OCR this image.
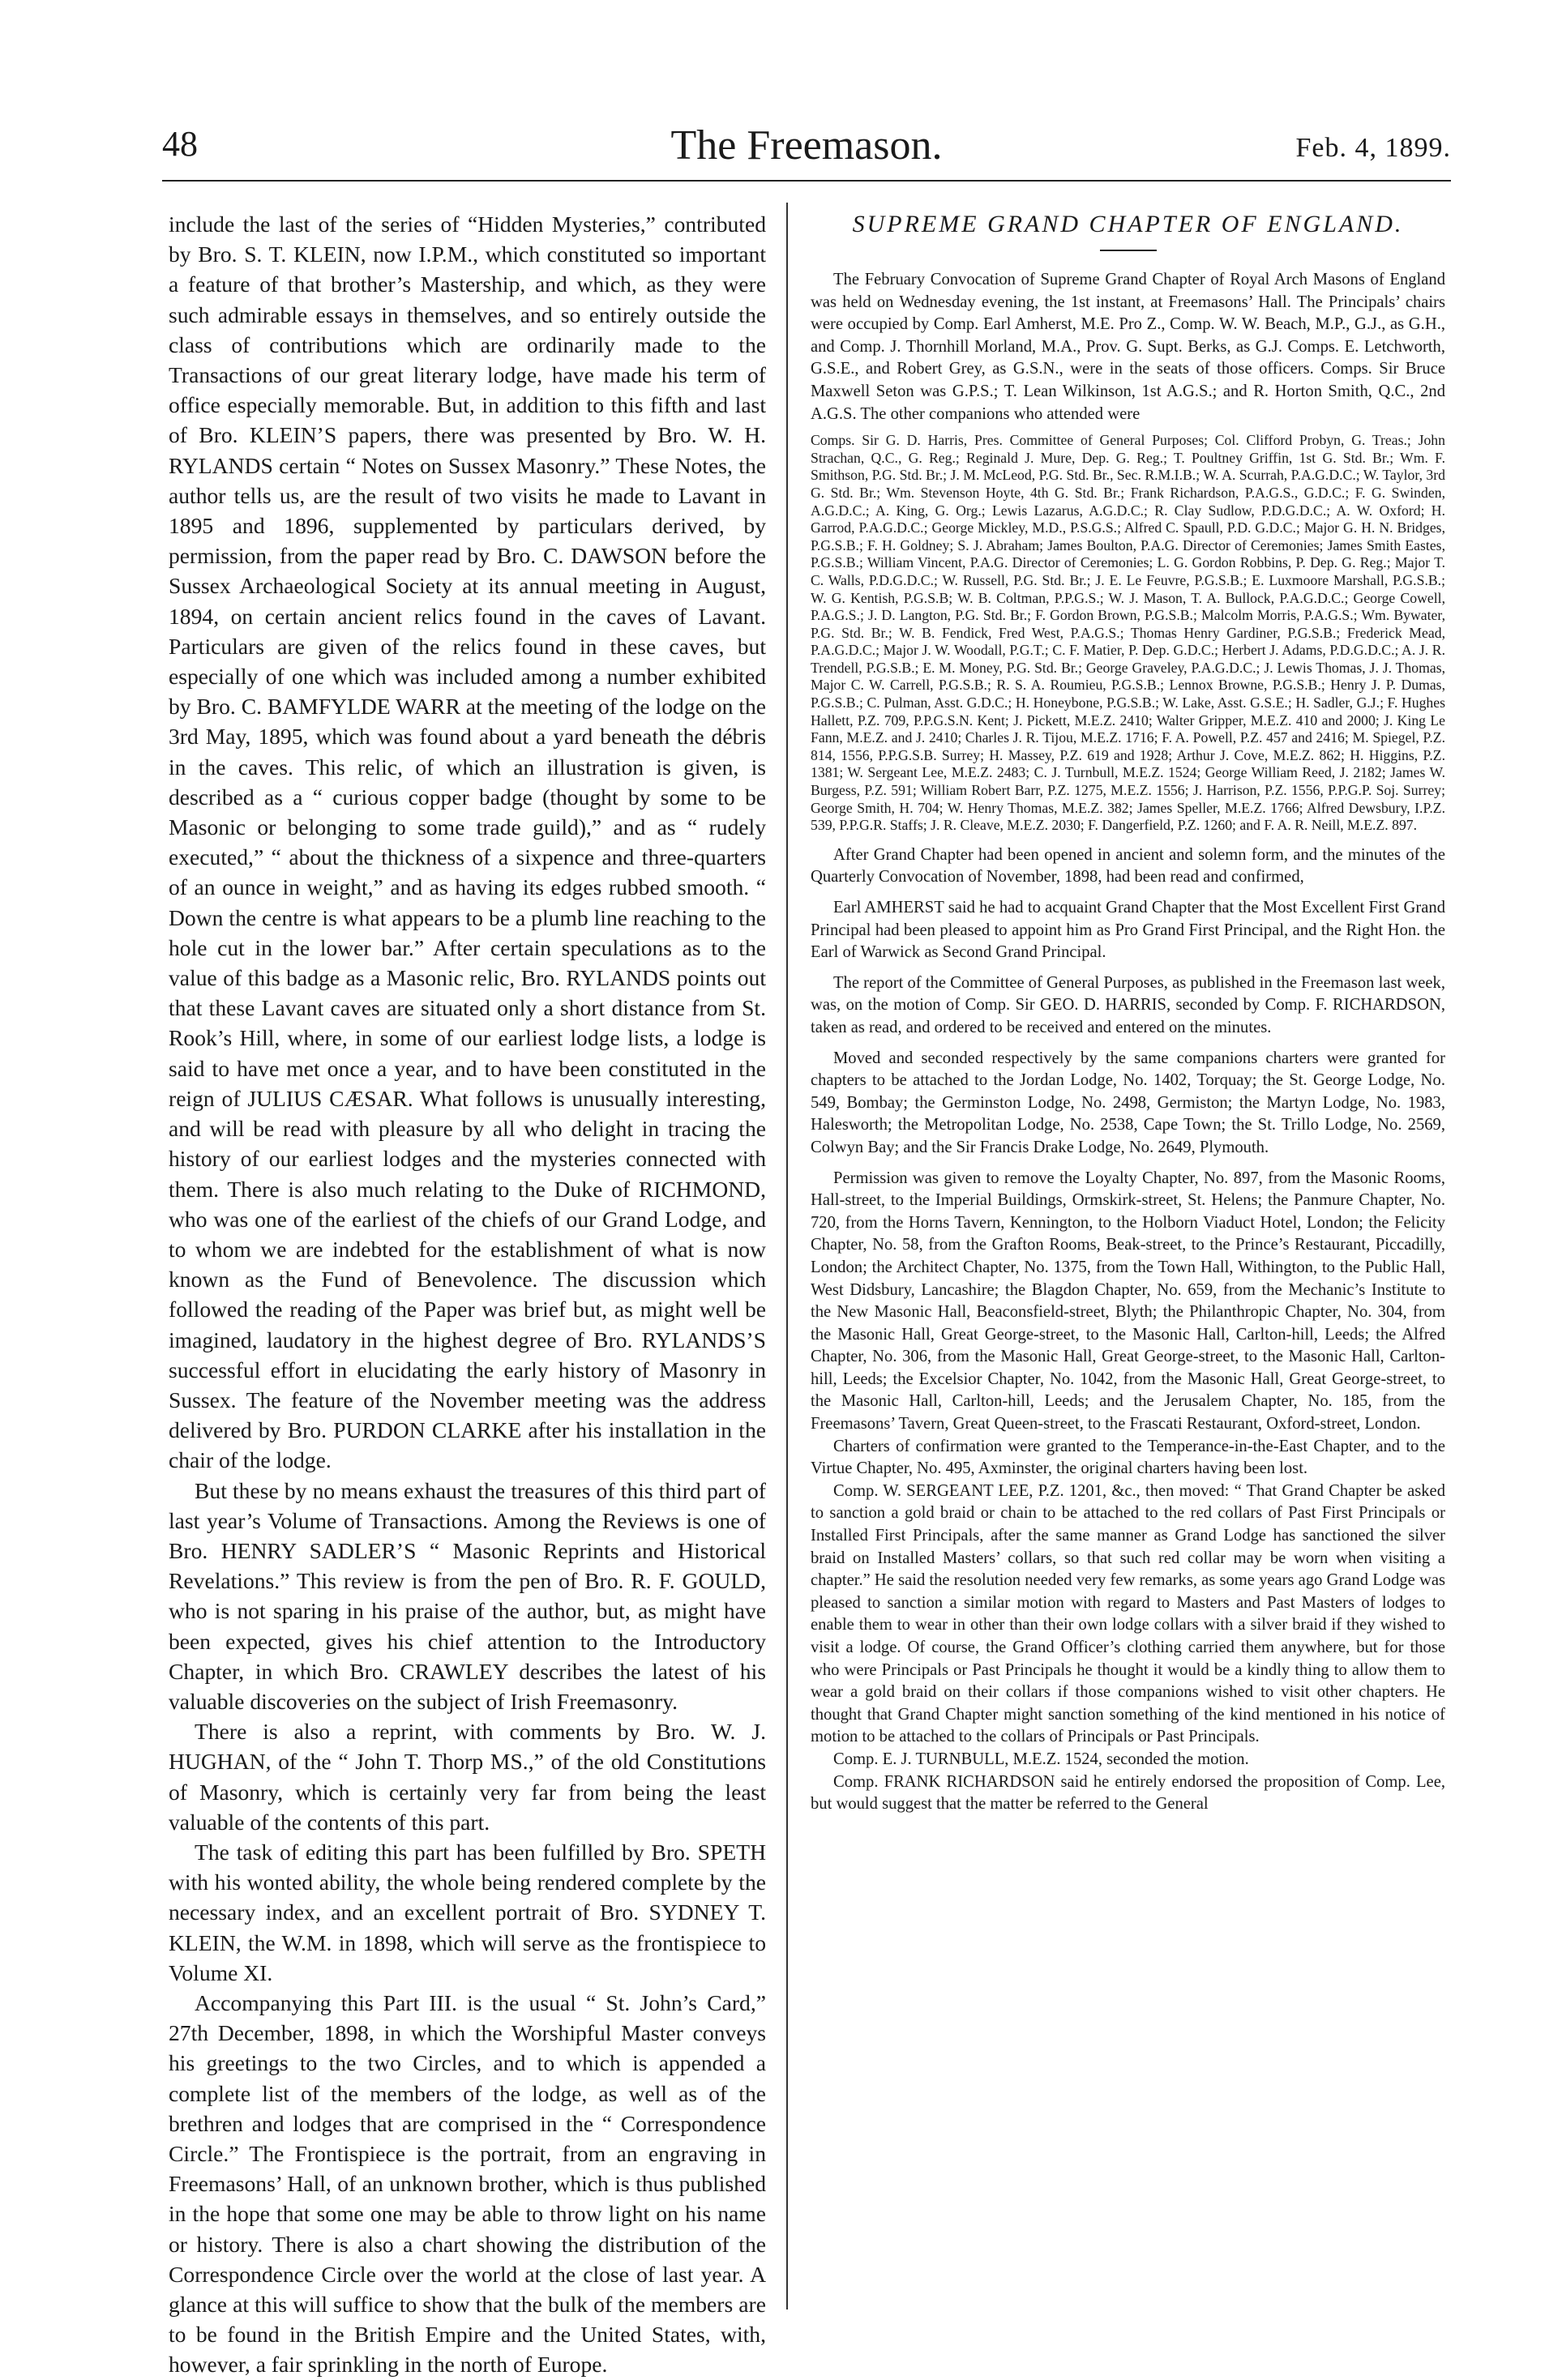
48	The Freemason.	Feb. 4, 1899.

include the last of the series of “Hidden Mysteries,” contributed by Bro. S. T. KLEIN, now I.P.M., which constituted so important a feature of that brother’s Mastership, and which, as they were such admirable essays in themselves, and so entirely outside the class of contributions which are ordinarily made to the Transactions of our great literary lodge, have made his term of office especially memorable. But, in addition to this fifth and last of Bro. KLEIN’S papers, there was presented by Bro. W. H. RYLANDS certain “ Notes on Sussex Masonry.” These Notes, the author tells us, are the result of two visits he made to Lavant in 1895 and 1896, supplemented by particulars derived, by permission, from the paper read by Bro. C. DAWSON before the Sussex Archaeological Society at its annual meeting in August, 1894, on certain ancient relics found in the caves of Lavant. Particulars are given of the relics found in these caves, but especially of one which was included among a number exhibited by Bro. C. BAMFYLDE WARR at the meeting of the lodge on the 3rd May, 1895, which was found about a yard beneath the débris in the caves. This relic, of which an illustration is given, is described as a “ curious copper badge (thought by some to be Masonic or belonging to some trade guild),” and as “ rudely executed,” “ about the thickness of a sixpence and three-quarters of an ounce in weight,” and as having its edges rubbed smooth. “ Down the centre is what appears to be a plumb line reaching to the hole cut in the lower bar.” After certain speculations as to the value of this badge as a Masonic relic, Bro. RYLANDS points out that these Lavant caves are situated only a short distance from St. Rook’s Hill, where, in some of our earliest lodge lists, a lodge is said to have met once a year, and to have been constituted in the reign of JULIUS CÆSAR. What follows is unusually interesting, and will be read with pleasure by all who delight in tracing the history of our earliest lodges and the mysteries connected with them. There is also much relating to the Duke of RICHMOND, who was one of the earliest of the chiefs of our Grand Lodge, and to whom we are indebted for the establishment of what is now known as the Fund of Benevolence. The discussion which followed the reading of the Paper was brief but, as might well be imagined, laudatory in the highest degree of Bro. RYLANDS’S successful effort in elucidating the early history of Masonry in Sussex. The feature of the November meeting was the address delivered by Bro. PURDON CLARKE after his installation in the chair of the lodge.

But these by no means exhaust the treasures of this third part of last year’s Volume of Transactions. Among the Reviews is one of Bro. HENRY SADLER’S “ Masonic Reprints and Historical Revelations.” This review is from the pen of Bro. R. F. GOULD, who is not sparing in his praise of the author, but, as might have been expected, gives his chief attention to the Introductory Chapter, in which Bro. CRAWLEY describes the latest of his valuable discoveries on the subject of Irish Freemasonry.

There is also a reprint, with comments by Bro. W. J. HUGHAN, of the “ John T. Thorp MS.,” of the old Constitutions of Masonry, which is certainly very far from being the least valuable of the contents of this part.

The task of editing this part has been fulfilled by Bro. SPETH with his wonted ability, the whole being rendered complete by the necessary index, and an excellent portrait of Bro. SYDNEY T. KLEIN, the W.M. in 1898, which will serve as the frontispiece to Volume XI.

Accompanying this Part III. is the usual “ St. John’s Card,” 27th December, 1898, in which the Worshipful Master conveys his greetings to the two Circles, and to which is appended a complete list of the members of the lodge, as well as of the brethren and lodges that are comprised in the “ Correspondence Circle.” The Frontispiece is the portrait, from an engraving in Freemasons’ Hall, of an unknown brother, which is thus published in the hope that some one may be able to throw light on his name or history. There is also a chart showing the distribution of the Correspondence Circle over the world at the close of last year. A glance at this will suffice to show that the bulk of the members are to be found in the British Empire and the United States, with, however, a fair sprinkling in the north of Europe.

SUPREME GRAND CHAPTER OF ENGLAND.

The February Convocation of Supreme Grand Chapter of Royal Arch Masons of England was held on Wednesday evening, the 1st instant, at Freemasons’ Hall. The Principals’ chairs were occupied by Comp. Earl Amherst, M.E. Pro Z., Comp. W. W. Beach, M.P., G.J., as G.H., and Comp. J. Thornhill Morland, M.A., Prov. G. Supt. Berks, as G.J. Comps. E. Letchworth, G.S.E., and Robert Grey, as G.S.N., were in the seats of those officers. Comps. Sir Bruce Maxwell Seton was G.P.S.; T. Lean Wilkinson, 1st A.G.S.; and R. Horton Smith, Q.C., 2nd A.G.S. The other companions who attended were

Comps. Sir G. D. Harris, Pres. Committee of General Purposes; Col. Clifford Probyn, G. Treas.; John Strachan, Q.C., G. Reg.; Reginald J. Mure, Dep. G. Reg.; T. Poultney Griffin, 1st G. Std. Br.; Wm. F. Smithson, P.G. Std. Br.; J. M. McLeod, P.G. Std. Br., Sec. R.M.I.B.; W. A. Scurrah, P.A.G.D.C.; W. Taylor, 3rd G. Std. Br.; Wm. Stevenson Hoyte, 4th G. Std. Br.; Frank Richardson, P.A.G.S., G.D.C.; F. G. Swinden, A.G.D.C.; A. King, G. Org.; Lewis Lazarus, A.G.D.C.; R. Clay Sudlow, P.D.G.D.C.; A. W. Oxford; H. Garrod, P.A.G.D.C.; George Mickley, M.D., P.S.G.S.; Alfred C. Spaull, P.D. G.D.C.; Major G. H. N. Bridges, P.G.S.B.; F. H. Goldney; S. J. Abraham; James Boulton, P.A.G. Director of Ceremonies; James Smith Eastes, P.G.S.B.; William Vincent, P.A.G. Director of Ceremonies; L. G. Gordon Robbins, P. Dep. G. Reg.; Major T. C. Walls, P.D.G.D.C.; W. Russell, P.G. Std. Br.; J. E. Le Feuvre, P.G.S.B.; E. Luxmoore Marshall, P.G.S.B.; W. G. Kentish, P.G.S.B; W. B. Coltman, P.P.G.S.; W. J. Mason, T. A. Bullock, P.A.G.D.C.; George Cowell, P.A.G.S.; J. D. Langton, P.G. Std. Br.; F. Gordon Brown, P.G.S.B.; Malcolm Morris, P.A.G.S.; Wm. Bywater, P.G. Std. Br.; W. B. Fendick, Fred West, P.A.G.S.; Thomas Henry Gardiner, P.G.S.B.; Frederick Mead, P.A.G.D.C.; Major J. W. Woodall, P.G.T.; C. F. Matier, P. Dep. G.D.C.; Herbert J. Adams, P.D.G.D.C.; A. J. R. Trendell, P.G.S.B.; E. M. Money, P.G. Std. Br.; George Graveley, P.A.G.D.C.; J. Lewis Thomas, J. J. Thomas, Major C. W. Carrell, P.G.S.B.; R. S. A. Roumieu, P.G.S.B.; Lennox Browne, P.G.S.B.; Henry J. P. Dumas, P.G.S.B.; C. Pulman, Asst. G.D.C.; H. Honeybone, P.G.S.B.; W. Lake, Asst. G.S.E.; H. Sadler, G.J.; F. Hughes Hallett, P.Z. 709, P.P.G.S.N. Kent; J. Pickett, M.E.Z. 2410; Walter Gripper, M.E.Z. 410 and 2000; J. King Le Fann, M.E.Z. and J. 2410; Charles J. R. Tijou, M.E.Z. 1716; F. A. Powell, P.Z. 457 and 2416; M. Spiegel, P.Z. 814, 1556, P.P.G.S.B. Surrey; H. Massey, P.Z. 619 and 1928; Arthur J. Cove, M.E.Z. 862; H. Higgins, P.Z. 1381; W. Sergeant Lee, M.E.Z. 2483; C. J. Turnbull, M.E.Z. 1524; George William Reed, J. 2182; James W. Burgess, P.Z. 591; William Robert Barr, P.Z. 1275, M.E.Z. 1556; J. Harrison, P.Z. 1556, P.P.G.P. Soj. Surrey; George Smith, H. 704; W. Henry Thomas, M.E.Z. 382; James Speller, M.E.Z. 1766; Alfred Dewsbury, I.P.Z. 539, P.P.G.R. Staffs; J. R. Cleave, M.E.Z. 2030; F. Dangerfield, P.Z. 1260; and F. A. R. Neill, M.E.Z. 897.

After Grand Chapter had been opened in ancient and solemn form, and the minutes of the Quarterly Convocation of November, 1898, had been read and confirmed,

Earl AMHERST said he had to acquaint Grand Chapter that the Most Excellent First Grand Principal had been pleased to appoint him as Pro Grand First Principal, and the Right Hon. the Earl of Warwick as Second Grand Principal.

The report of the Committee of General Purposes, as published in the Freemason last week, was, on the motion of Comp. Sir GEO. D. HARRIS, seconded by Comp. F. RICHARDSON, taken as read, and ordered to be received and entered on the minutes.

Moved and seconded respectively by the same companions charters were granted for chapters to be attached to the Jordan Lodge, No. 1402, Torquay; the St. George Lodge, No. 549, Bombay; the Germinston Lodge, No. 2498, Germiston; the Martyn Lodge, No. 1983, Halesworth; the Metropolitan Lodge, No. 2538, Cape Town; the St. Trillo Lodge, No. 2569, Colwyn Bay; and the Sir Francis Drake Lodge, No. 2649, Plymouth.

Permission was given to remove the Loyalty Chapter, No. 897, from the Masonic Rooms, Hall-street, to the Imperial Buildings, Ormskirk-street, St. Helens; the Panmure Chapter, No. 720, from the Horns Tavern, Kennington, to the Holborn Viaduct Hotel, London; the Felicity Chapter, No. 58, from the Grafton Rooms, Beak-street, to the Prince’s Restaurant, Piccadilly, London; the Architect Chapter, No. 1375, from the Town Hall, Withington, to the Public Hall, West Didsbury, Lancashire; the Blagdon Chapter, No. 659, from the Mechanic’s Institute to the New Masonic Hall, Beaconsfield-street, Blyth; the Philanthropic Chapter, No. 304, from the Masonic Hall, Great George-street, to the Masonic Hall, Carlton-hill, Leeds; the Alfred Chapter, No. 306, from the Masonic Hall, Great George-street, to the Masonic Hall, Carlton-hill, Leeds; the Excelsior Chapter, No. 1042, from the Masonic Hall, Great George-street, to the Masonic Hall, Carlton-hill, Leeds; and the Jerusalem Chapter, No. 185, from the Freemasons’ Tavern, Great Queen-street, to the Frascati Restaurant, Oxford-street, London.

Charters of confirmation were granted to the Temperance-in-the-East Chapter, and to the Virtue Chapter, No. 495, Axminster, the original charters having been lost.

Comp. W. SERGEANT LEE, P.Z. 1201, &c., then moved: “ That Grand Chapter be asked to sanction a gold braid or chain to be attached to the red collars of Past First Principals or Installed First Principals, after the same manner as Grand Lodge has sanctioned the silver braid on Installed Masters’ collars, so that such red collar may be worn when visiting a chapter.” He said the resolution needed very few remarks, as some years ago Grand Lodge was pleased to sanction a similar motion with regard to Masters and Past Masters of lodges to enable them to wear in other than their own lodge collars with a silver braid if they wished to visit a lodge. Of course, the Grand Officer’s clothing carried them anywhere, but for those who were Principals or Past Principals he thought it would be a kindly thing to allow them to wear a gold braid on their collars if those companions wished to visit other chapters. He thought that Grand Chapter might sanction something of the kind mentioned in his notice of motion to be attached to the collars of Principals or Past Principals.

Comp. E. J. TURNBULL, M.E.Z. 1524, seconded the motion.

Comp. FRANK RICHARDSON said he entirely endorsed the proposition of Comp. Lee, but would suggest that the matter be referred to the General
